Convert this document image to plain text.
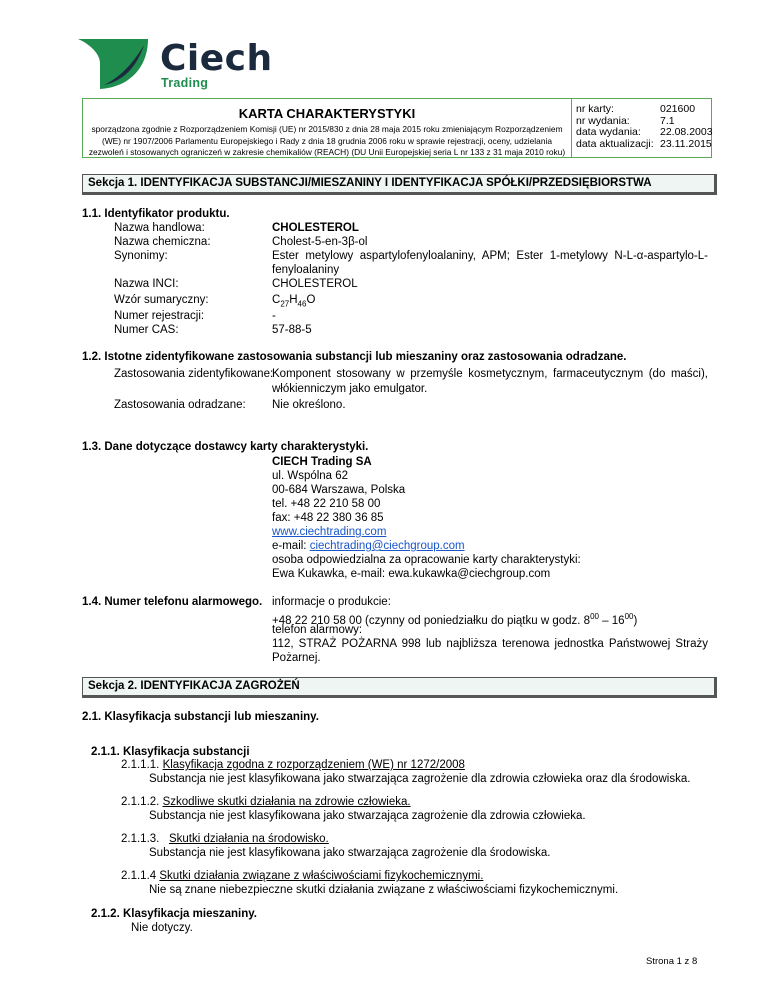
Ciech
Trading
KARTA CHARAKTERYSTYKI
sporządzona zgodnie z Rozporządzeniem Komisji (UE) nr 2015/830 z dnia 28 maja 2015 roku zmieniającym Rozporządzeniem
(WE) nr 1907/2006 Parlamentu Europejskiego i Rady z dnia 18 grudnia 2006 roku w sprawie rejestracji, oceny, udzielania
zezwoleń i stosowanych ograniczeń w zakresie chemikaliów (REACH) (DU Unii Europejskiej seria L nr 133 z 31 maja 2010 roku)
nr karty:	021600
nr wydania:	7.1
data wydania:	22.08.2003
data aktualizacji: 23.11.2015
Sekcja 1. IDENTYFIKACJA SUBSTANCJI/MIESZANINY I IDENTYFIKACJA SPÓŁKI/PRZEDSIĘBIORSTWA
1.1. Identyfikator produktu.
Nazwa handlowa:	CHOLESTEROL
Nazwa chemiczna:	Cholest-5-en-3β-ol
Synonimy:	Ester metylowy aspartylofenyloalaniny, APM; Ester 1-metylowy N-L-α-aspartylo-L-
fenyloalaniny
Nazwa INCI:	CHOLESTEROL
Wzór sumaryczny:	$C_{27}H_{46}O$
Numer rejestracji:	-
Numer CAS:	57-88-5
1.2. Istotne zidentyfikowane zastosowania substancji lub mieszaniny oraz zastosowania odradzane.
Zastosowania zidentyfikowane:
Komponent stosowany w przemyśle kosmetycznym, farmaceutycznym (do maści),
włókienniczym jako emulgator.
Zastosowania odradzane: Nie określono.
1.3. Dane dotyczące dostawcy karty charakterystyki.
CIECH Trading SA
ul. Wspólna 62
00-684 Warszawa, Polska
tel. +48 22 210 58 00
fax: +48 22 380 36 85
www.ciechtrading.com
e-mail: ciechtrading@ciechgroup.com
osoba odpowiedzialna za opracowanie karty charakterystyki:
Ewa Kukawka, e-mail: ewa.kukawka@ciechgroup.com
1.4. Numer telefonu alarmowego. informacje o produkcie:
+48 22 210 58 00 (czynny od poniedziałku do piątku w godz. $8^{00} - 16^{00}$)
telefon alarmowy:
112, STRAŻ POŻARNA 998 lub najbliższa terenowa jednostka Państwowej Straży
Pożarnej.
Sekcja 2. IDENTYFIKACJA ZAGROŻEŃ
2.1. Klasyfikacja substancji lub mieszaniny.
2.1.1. Klasyfikacja substancji
2.1.1.1. Klasyfikacja zgodna z rozporządzeniem (WE) nr 1272/2008
Substancja nie jest klasyfikowana jako stwarzająca zagrożenie dla zdrowia człowieka oraz dla środowiska.
2.1.1.2. Szkodliwe skutki działania na zdrowie człowieka.
Substancja nie jest klasyfikowana jako stwarzająca zagrożenie dla zdrowia człowieka.
2.1.1.3.   Skutki działania na środowisko.
Substancja nie jest klasyfikowana jako stwarzająca zagrożenie dla środowiska.
2.1.1.4 Skutki działania związane z właściwościami fizykochemicznymi.
Nie są znane niebezpieczne skutki działania związane z właściwościami fizykochemicznymi.
2.1.2. Klasyfikacja mieszaniny.
Nie dotyczy.
Strona 1 z 8
